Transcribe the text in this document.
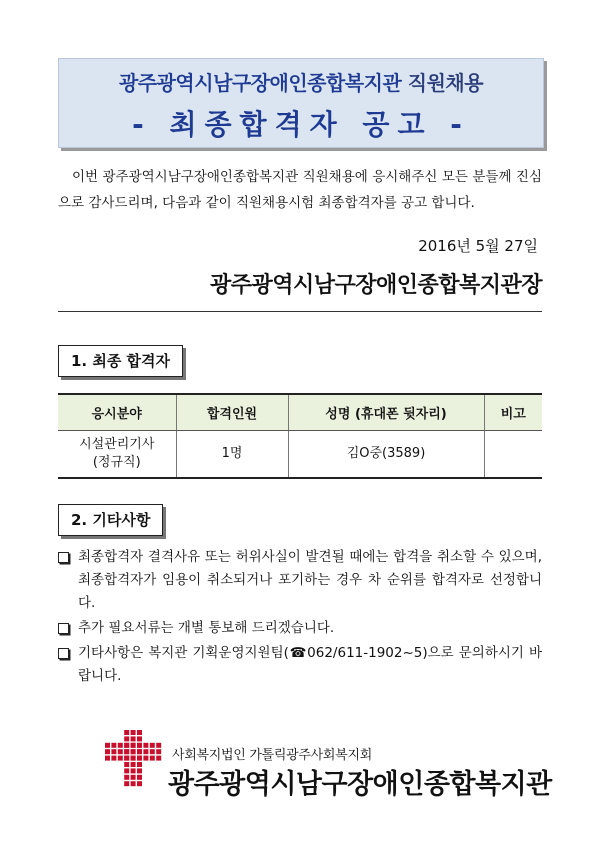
광주광역시남구장애인종합복지관 직원채용
- 최종합격자 공고 -

이번 광주광역시남구장애인종합복지관 직원채용에 응시해주신 모든 분들께 진심으로 감사드리며, 다음과 같이 직원채용시험 최종합격자를 공고 합니다.

2016년 5월 27일
광주광역시남구장애인종합복지관장
1. 최종 합격자
응시분야	합격인원	성명 (휴대폰 뒷자리)	비고

시설관리기사
(정규직)	1명	김O중(3589)	
2. 기타사항
최종합격자 결격사유 또는 허위사실이 발견될 때에는 합격을 취소할 수 있으며, 최종합격자가 임용이 취소되거나 포기하는 경우 차 순위를 합격자로 선정합니다.
추가 필요서류는 개별 통보해 드리겠습니다.
기타사항은 복지관 기획운영지원팀(☎062/611-1902~5)으로 문의하시기 바랍니다.
사회복지법인 가톨릭광주사회복지회
광주광역시남구장애인종합복지관
